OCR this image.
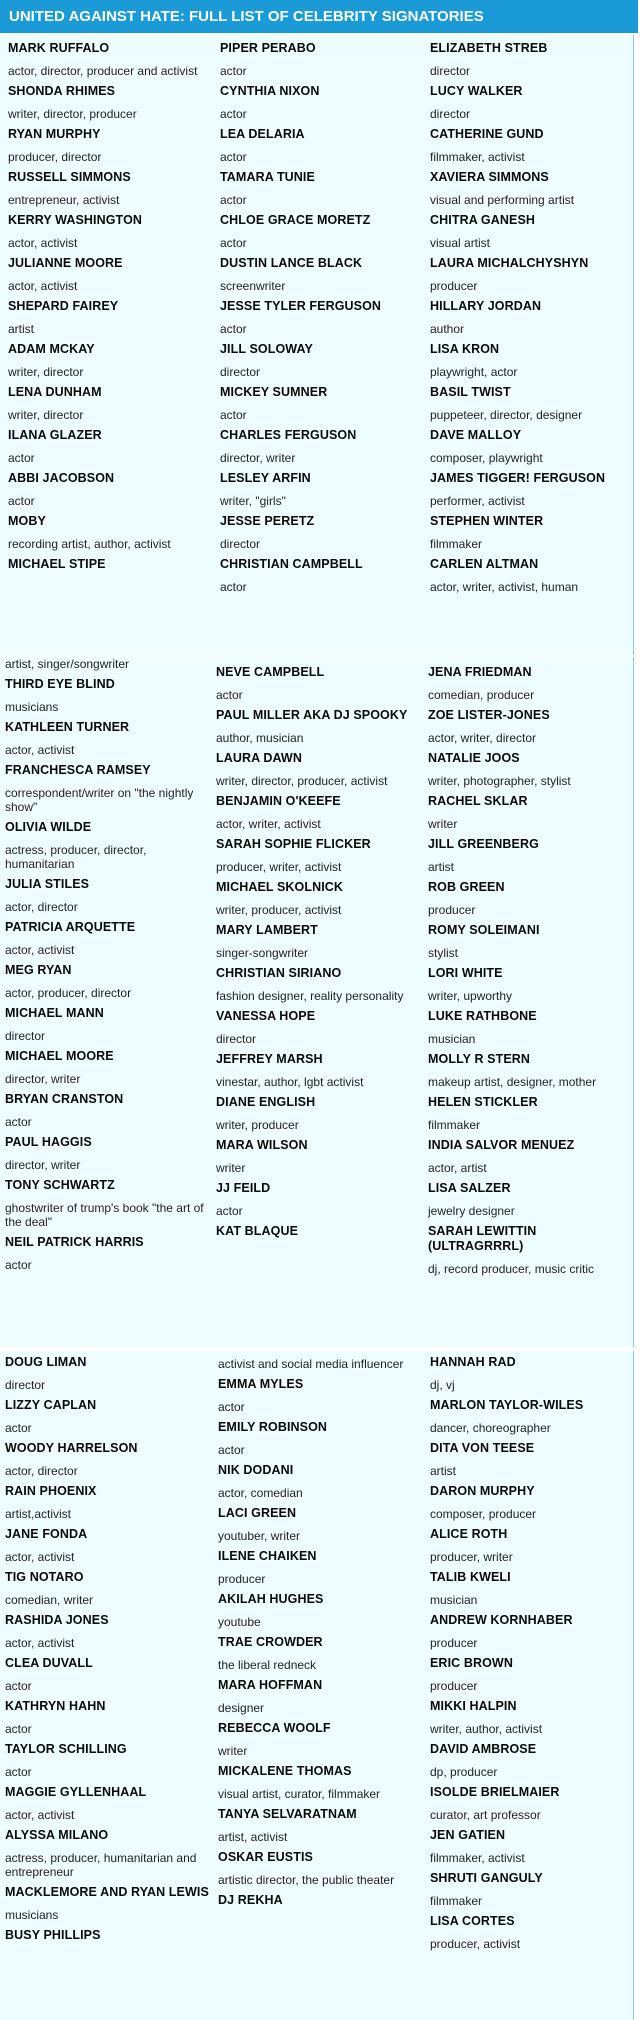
UNITED AGAINST HATE: FULL LIST OF CELEBRITY SIGNATORIES
MARK RUFFALO
actor, director, producer and activist
SHONDA RHIMES
writer, director, producer
RYAN MURPHY
producer, director
RUSSELL SIMMONS
entrepreneur, activist
KERRY WASHINGTON
actor, activist
JULIANNE MOORE
actor, activist
SHEPARD FAIREY
artist
ADAM MCKAY
writer, director
LENA DUNHAM
writer, director
ILANA GLAZER
actor
ABBI JACOBSON
actor
MOBY
recording artist, author, activist
MICHAEL STIPE
PIPER PERABO
actor
CYNTHIA NIXON
actor
LEA DELARIA
actor
TAMARA TUNIE
actor
CHLOE GRACE MORETZ
actor
DUSTIN LANCE BLACK
screenwriter
JESSE TYLER FERGUSON
actor
JILL SOLOWAY
director
MICKEY SUMNER
actor
CHARLES FERGUSON
director, writer
LESLEY ARFIN
writer, "girls"
JESSE PERETZ
director
CHRISTIAN CAMPBELL
actor
ELIZABETH STREB
director
LUCY WALKER
director
CATHERINE GUND
filmmaker, activist
XAVIERA SIMMONS
visual and performing artist
CHITRA GANESH
visual artist
LAURA MICHALCHYSHYN
producer
HILLARY JORDAN
author
LISA KRON
playwright, actor
BASIL TWIST
puppeteer, director, designer
DAVE MALLOY
composer, playwright
JAMES TIGGER! FERGUSON
performer, activist
STEPHEN WINTER
filmmaker
CARLEN ALTMAN
actor, writer, activist, human
artist, singer/songwriter
THIRD EYE BLIND
musicians
KATHLEEN TURNER
actor, activist
FRANCHESCA RAMSEY
correspondent/writer on "the nightly show"
OLIVIA WILDE
actress, producer, director, humanitarian
JULIA STILES
actor, director
PATRICIA ARQUETTE
actor, activist
MEG RYAN
actor, producer, director
MICHAEL MANN
director
MICHAEL MOORE
director, writer
BRYAN CRANSTON
actor
PAUL HAGGIS
director, writer
TONY SCHWARTZ
ghostwriter of trump's book "the art of the deal"
NEIL PATRICK HARRIS
actor
NEVE CAMPBELL
actor
PAUL MILLER AKA DJ SPOOKY
author, musician
LAURA DAWN
writer, director, producer, activist
BENJAMIN O'KEEFE
actor, writer, activist
SARAH SOPHIE FLICKER
producer, writer, activist
MICHAEL SKOLNICK
writer, producer, activist
MARY LAMBERT
singer-songwriter
CHRISTIAN SIRIANO
fashion designer, reality personality
VANESSA HOPE
director
JEFFREY MARSH
vinestar, author, lgbt activist
DIANE ENGLISH
writer, producer
MARA WILSON
writer
JJ FEILD
actor
KAT BLAQUE
JENA FRIEDMAN
comedian, producer
ZOE LISTER-JONES
actor, writer, director
NATALIE JOOS
writer, photographer, stylist
RACHEL SKLAR
writer
JILL GREENBERG
artist
ROB GREEN
producer
ROMY SOLEIMANI
stylist
LORI WHITE
writer, upworthy
LUKE RATHBONE
musician
MOLLY R STERN
makeup artist, designer, mother
HELEN STICKLER
filmmaker
INDIA SALVOR MENUEZ
actor, artist
LISA SALZER
jewelry designer
SARAH LEWITTIN (ULTRAGRRRL)
dj, record producer, music critic
DOUG LIMAN
director
LIZZY CAPLAN
actor
WOODY HARRELSON
actor, director
RAIN PHOENIX
artist,activist
JANE FONDA
actor, activist
TIG NOTARO
comedian, writer
RASHIDA JONES
actor, activist
CLEA DUVALL
actor
KATHRYN HAHN
actor
TAYLOR SCHILLING
actor
MAGGIE GYLLENHAAL
actor, activist
ALYSSA MILANO
actress, producer, humanitarian and entrepreneur
MACKLEMORE AND RYAN LEWIS
musicians
BUSY PHILLIPS
activist and social media influencer
EMMA MYLES
actor
EMILY ROBINSON
actor
NIK DODANI
actor, comedian
LACI GREEN
youtuber, writer
ILENE CHAIKEN
producer
AKILAH HUGHES
youtube
TRAE CROWDER
the liberal redneck
MARA HOFFMAN
designer
REBECCA WOOLF
writer
MICKALENE THOMAS
visual artist, curator, filmmaker
TANYA SELVARATNAM
artist, activist
OSKAR EUSTIS
artistic director, the public theater
DJ REKHA
HANNAH RAD
dj, vj
MARLON TAYLOR-WILES
dancer, choreographer
DITA VON TEESE
artist
DARON MURPHY
composer, producer
ALICE ROTH
producer, writer
TALIB KWELI
musician
ANDREW KORNHABER
producer
ERIC BROWN
producer
MIKKI HALPIN
writer, author, activist
DAVID AMBROSE
dp, producer
ISOLDE BRIELMAIER
curator, art professor
JEN GATIEN
filmmaker, activist
SHRUTI GANGULY
filmmaker
LISA CORTES
producer, activist
